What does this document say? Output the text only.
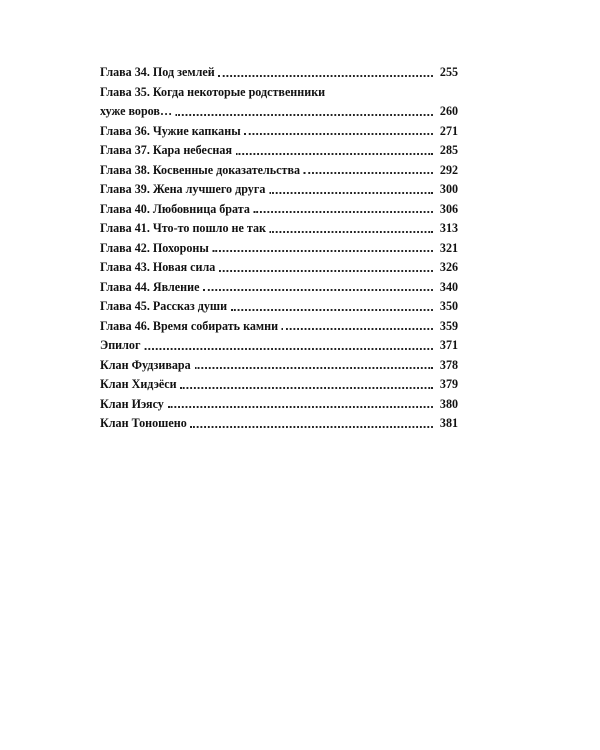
Глава 34. Под землей	255
Глава 35. Когда некоторые родственники
хуже воров…	260
Глава 36. Чужие капканы	271
Глава 37. Кара небесная	285
Глава 38. Косвенные доказательства	292
Глава 39. Жена лучшего друга	300
Глава 40. Любовница брата	306
Глава 41. Что-то пошло не так	313
Глава 42. Похороны	321
Глава 43. Новая сила	326
Глава 44. Явление	340
Глава 45. Рассказ души	350
Глава 46. Время собирать камни	359
Эпилог	371
Клан Фудзивара	378
Клан Хидэёси	379
Клан Иэясу	380
Клан Тоношено	381
